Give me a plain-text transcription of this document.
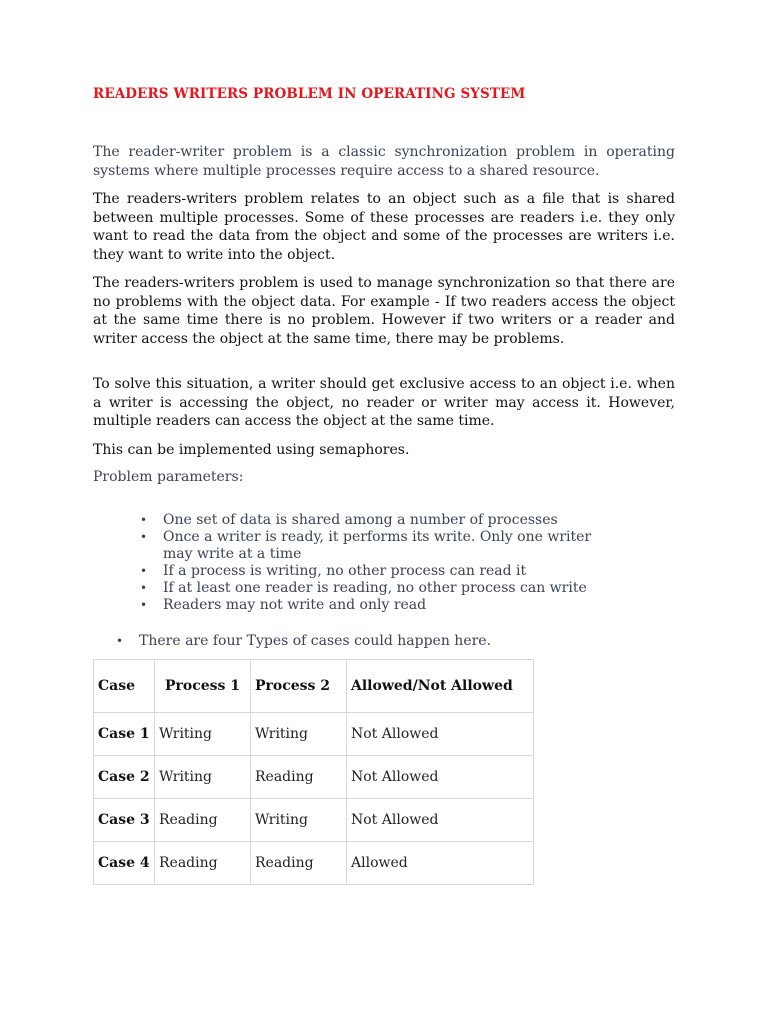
READERS WRITERS PROBLEM IN OPERATING SYSTEM

The reader-writer problem is a classic synchronization problem in operating systems where multiple processes require access to a shared resource.

The readers-writers problem relates to an object such as a file that is shared between multiple processes. Some of these processes are readers i.e. they only want to read the data from the object and some of the processes are writers i.e. they want to write into the object.

The readers-writers problem is used to manage synchronization so that there are no problems with the object data. For example - If two readers access the object at the same time there is no problem. However if two writers or a reader and writer access the object at the same time, there may be problems.

To solve this situation, a writer should get exclusive access to an object i.e. when a writer is accessing the object, no reader or writer may access it. However, multiple readers can access the object at the same time.

This can be implemented using semaphores.

Problem parameters:
• One set of data is shared among a number of processes
• Once a writer is ready, it performs its write. Only one writer may write at a time
• If a process is writing, no other process can read it
• If at least one reader is reading, no other process can write
• Readers may not write and only read
• There are four Types of cases could happen here.
Case	Process 1	Process 2	Allowed/Not Allowed
Case 1	Writing	Writing	Not Allowed
Case 2	Writing	Reading	Not Allowed
Case 3	Reading	Writing	Not Allowed
Case 4	Reading	Reading	Allowed
